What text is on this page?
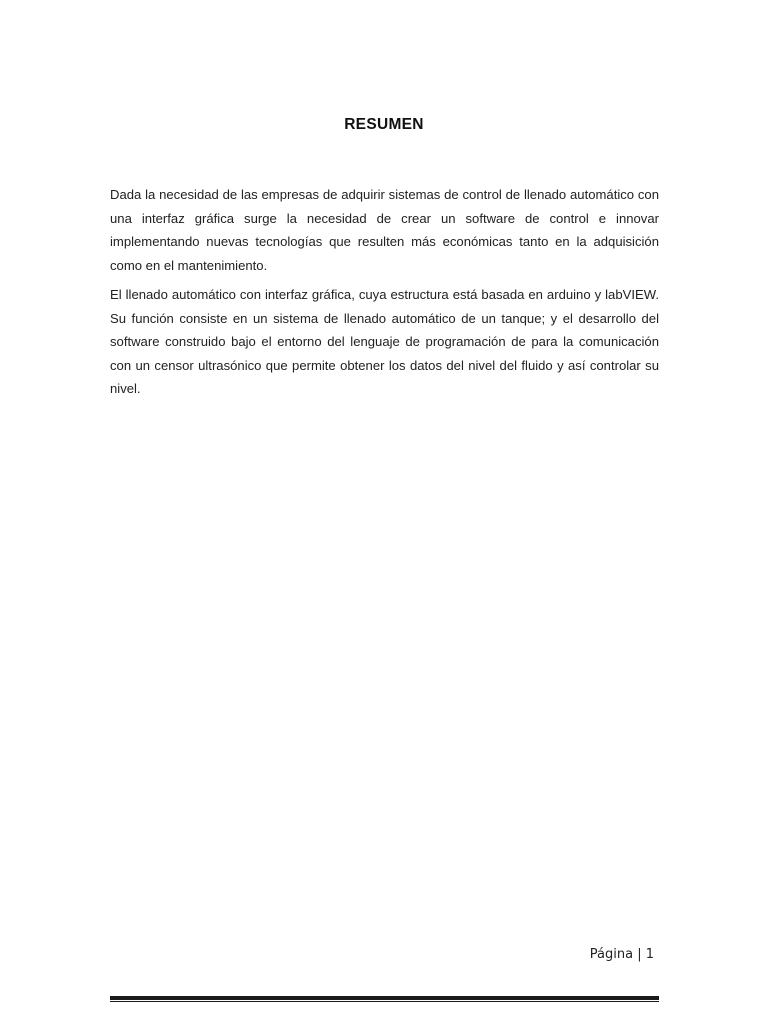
RESUMEN

Dada la necesidad de las empresas de adquirir sistemas de control de llenado automático con una interfaz gráfica surge la necesidad de crear un software de control e innovar implementando nuevas tecnologías que resulten más económicas tanto en la adquisición como en el mantenimiento.

El llenado automático con interfaz gráfica, cuya estructura está basada en arduino y labVIEW. Su función consiste en un sistema de llenado automático de un tanque; y el desarrollo del software construido bajo el entorno del lenguaje de programación de para la comunicación con un censor ultrasónico que permite obtener los datos del nivel del fluido y así controlar su nivel.

Página | 1
